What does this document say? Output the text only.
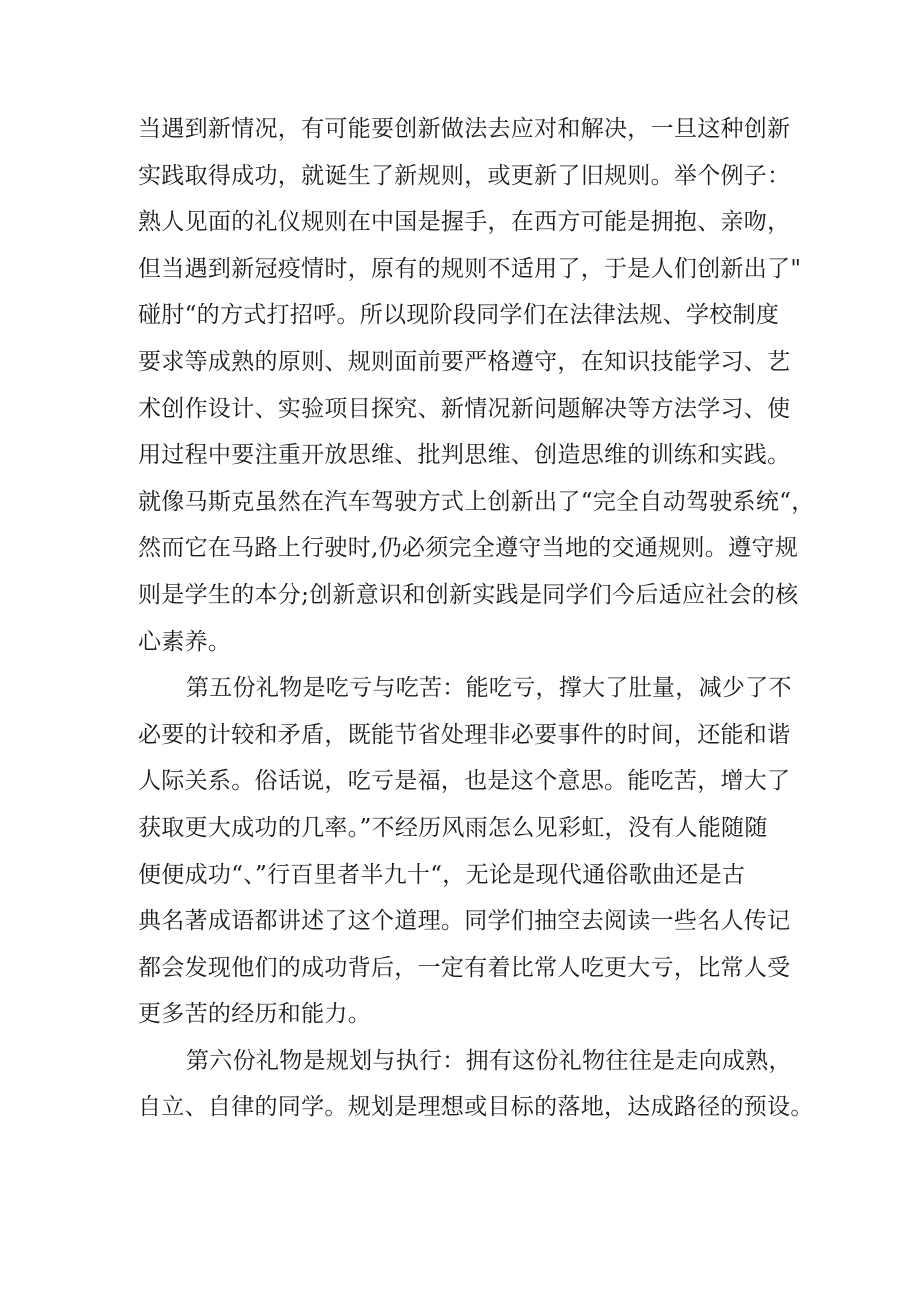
当遇到新情况，有可能要创新做法去应对和解决，一旦这种创新
实践取得成功，就诞生了新规则，或更新了旧规则。举个例子：
熟人见面的礼仪规则在中国是握手，在西方可能是拥抱、亲吻，
但当遇到新冠疫情时，原有的规则不适用了，于是人们创新出了"
碰肘“的方式打招呼。所以现阶段同学们在法律法规、学校制度
要求等成熟的原则、规则面前要严格遵守，在知识技能学习、艺
术创作设计、实验项目探究、新情况新问题解决等方法学习、使
用过程中要注重开放思维、批判思维、创造思维的训练和实践。
就像马斯克虽然在汽车驾驶方式上创新出了“完全自动驾驶系统“，
然而它在马路上行驶时,仍必须完全遵守当地的交通规则。遵守规
则是学生的本分;创新意识和创新实践是同学们今后适应社会的核
心素养。
第五份礼物是吃亏与吃苦：能吃亏，撑大了肚量，减少了不
必要的计较和矛盾，既能节省处理非必要事件的时间，还能和谐
人际关系。俗话说，吃亏是福，也是这个意思。能吃苦，增大了
获取更大成功的几率。”不经历风雨怎么见彩虹，没有人能随随
便便成功“、”行百里者半九十“，无论是现代通俗歌曲还是古
典名著成语都讲述了这个道理。同学们抽空去阅读一些名人传记
都会发现他们的成功背后，一定有着比常人吃更大亏，比常人受
更多苦的经历和能力。
第六份礼物是规划与执行：拥有这份礼物往往是走向成熟，
自立、自律的同学。规划是理想或目标的落地，达成路径的预设。
